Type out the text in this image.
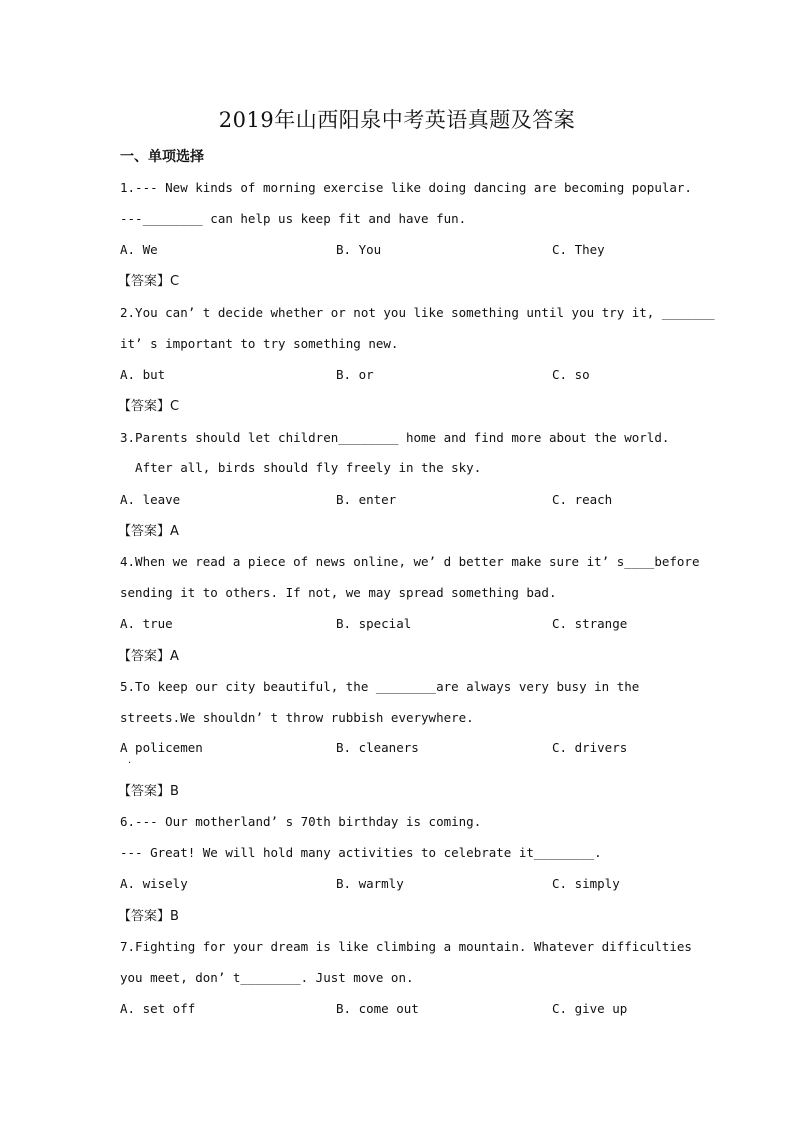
2019年山西阳泉中考英语真题及答案
一、单项选择
1.--- New kinds of morning exercise like doing dancing are becoming popular.
---________ can help us keep fit and have fun.
A. We	B. You	C. They
【答案】C
2.You can’ t decide whether or not you like something until you try it, _______
it’ s important to try something new.
A. but	B. or	C. so
【答案】C
3.Parents should let children________ home and find more about the world.
After all, birds should fly freely in the sky.
A. leave	B. enter	C. reach
【答案】A
4.When we read a piece of news online, we’ d better make sure it’ s____before
sending it to others. If not, we may spread something bad.
A. true	B. special	C. strange
【答案】A
5.To keep our city beautiful, the ________are always very busy in the
streets.We shouldn’ t throw rubbish everywhere.
A policemen	B. cleaners	C. drivers
·
【答案】B
6.--- Our motherland’ s 70th birthday is coming.
--- Great! We will hold many activities to celebrate it________.
A. wisely	B. warmly	C. simply
【答案】B
7.Fighting for your dream is like climbing a mountain. Whatever difficulties
you meet, don’ t________. Just move on.
A. set off	B. come out	C. give up
